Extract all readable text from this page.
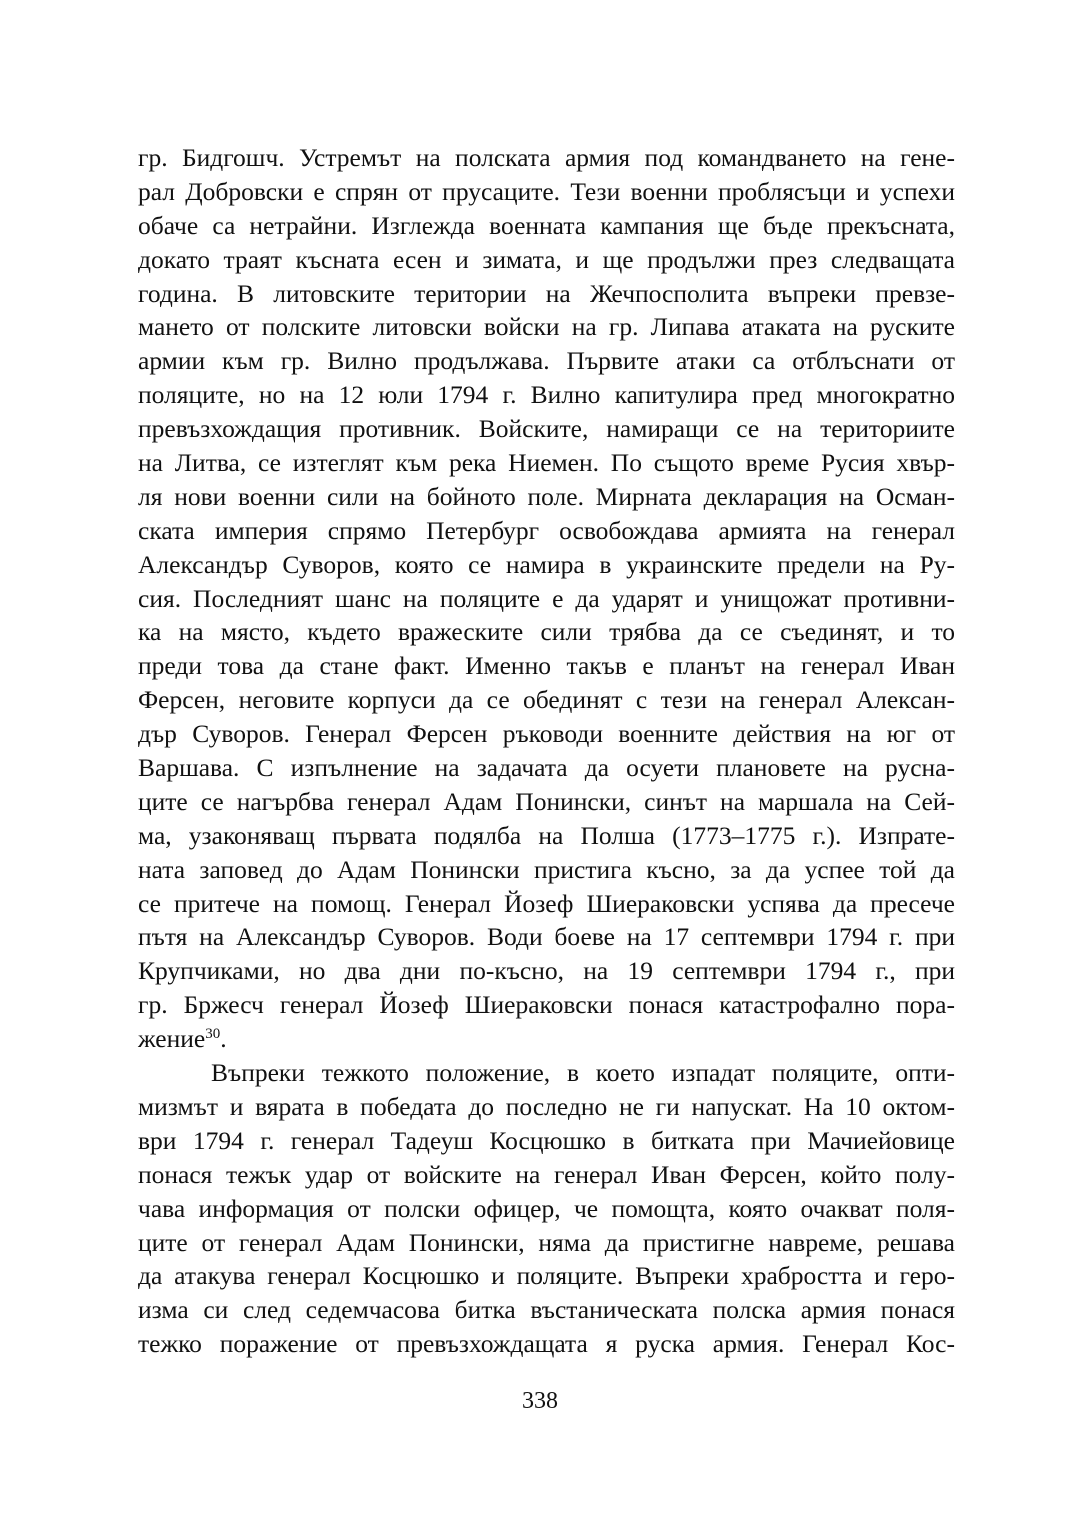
гр. Бидгошч. Устремът на полската армия под командването на гене-
рал Добровски е спрян от прусаците. Тези военни проблясъци и успехи
обаче са нетрайни. Изглежда военната кампания ще бъде прекъсната,
докато траят късната есен и зимата, и ще продължи през следващата
година. В литовските територии на Жечпосполита въпреки превзе-
мането от полските литовски войски на гр. Липава атаката на руските
армии към гр. Вилно продължава. Първите атаки са отблъснати от
поляците, но на 12 юли 1794 г. Вилно капитулира пред многократно
превъзхождащия противник. Войските, намиращи се на териториите
на Литва, се изтеглят към река Ниемен. По същото време Русия хвър-
ля нови военни сили на бойното поле. Мирната декларация на Осман-
ската империя спрямо Петербург освобождава армията на генерал
Александър Суворов, която се намира в украинските предели на Ру-
сия. Последният шанс на поляците е да ударят и унищожат противни-
ка на място, където вражеските сили трябва да се съединят, и то
преди това да стане факт. Именно такъв е планът на генерал Иван
Ферсен, неговите корпуси да се обединят с тези на генерал Алексан-
дър Суворов. Генерал Ферсен ръководи военните действия на юг от
Варшава. С изпълнение на задачата да осуети плановете на русна-
ците се нагърбва генерал Адам Понински, синът на маршала на Сей-
ма, узаконяващ първата подялба на Полша (1773–1775 г.). Изпрате-
ната заповед до Адам Понински пристига късно, за да успее той да
се притече на помощ. Генерал Йозеф Шиераковски успява да пресече
пътя на Александър Суворов. Води боеве на 17 септември 1794 г. при
Крупчиками, но два дни по-късно, на 19 септември 1794 г., при
гр. Бржесч генерал Йозеф Шиераковски понася катастрофално пора-
жение$^{30}$.
Въпреки тежкото положение, в което изпадат поляците, опти-
мизмът и вярата в победата до последно не ги напускат. На 10 октом-
ври 1794 г. генерал Тадеуш Косцюшко в битката при Мачиейовице
понася тежък удар от войските на генерал Иван Ферсен, който полу-
чава информация от полски офицер, че помощта, която очакват поля-
ците от генерал Адам Понински, няма да пристигне навреме, решава
да атакува генерал Косцюшко и поляците. Въпреки храбростта и геро-
изма си след седемчасова битка въстаническата полска армия понася
тежко поражение от превъзхождащата я руска армия. Генерал Кос-
338
